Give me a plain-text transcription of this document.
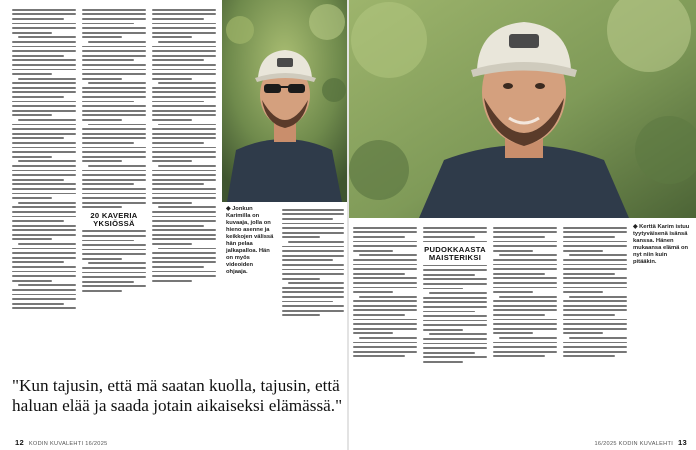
20 KAVERIA YKSIÖSSÄ
◆ Jonkun Karimilla on kuvaaja, jolla on hieno asenne ja keikkojen välissä hän pelaa jalkapalloa. Hän on myös videoiden ohjaaja.
"Kun tajusin, että mä saatan kuolla, tajusin, että haluan elää ja saada jotain aikaiseksi elämässä."
12 KODIN KUVALEHTI 16/2025
PUDOKKAASTA MAISTERIKSI
◆ Kerttä Karim istuu tyytyväisenä isänsä kanssa. Hänen mukaansa elämä on nyt niin kuin pitääkin.
16/2025 KODIN KUVALEHTI 13
